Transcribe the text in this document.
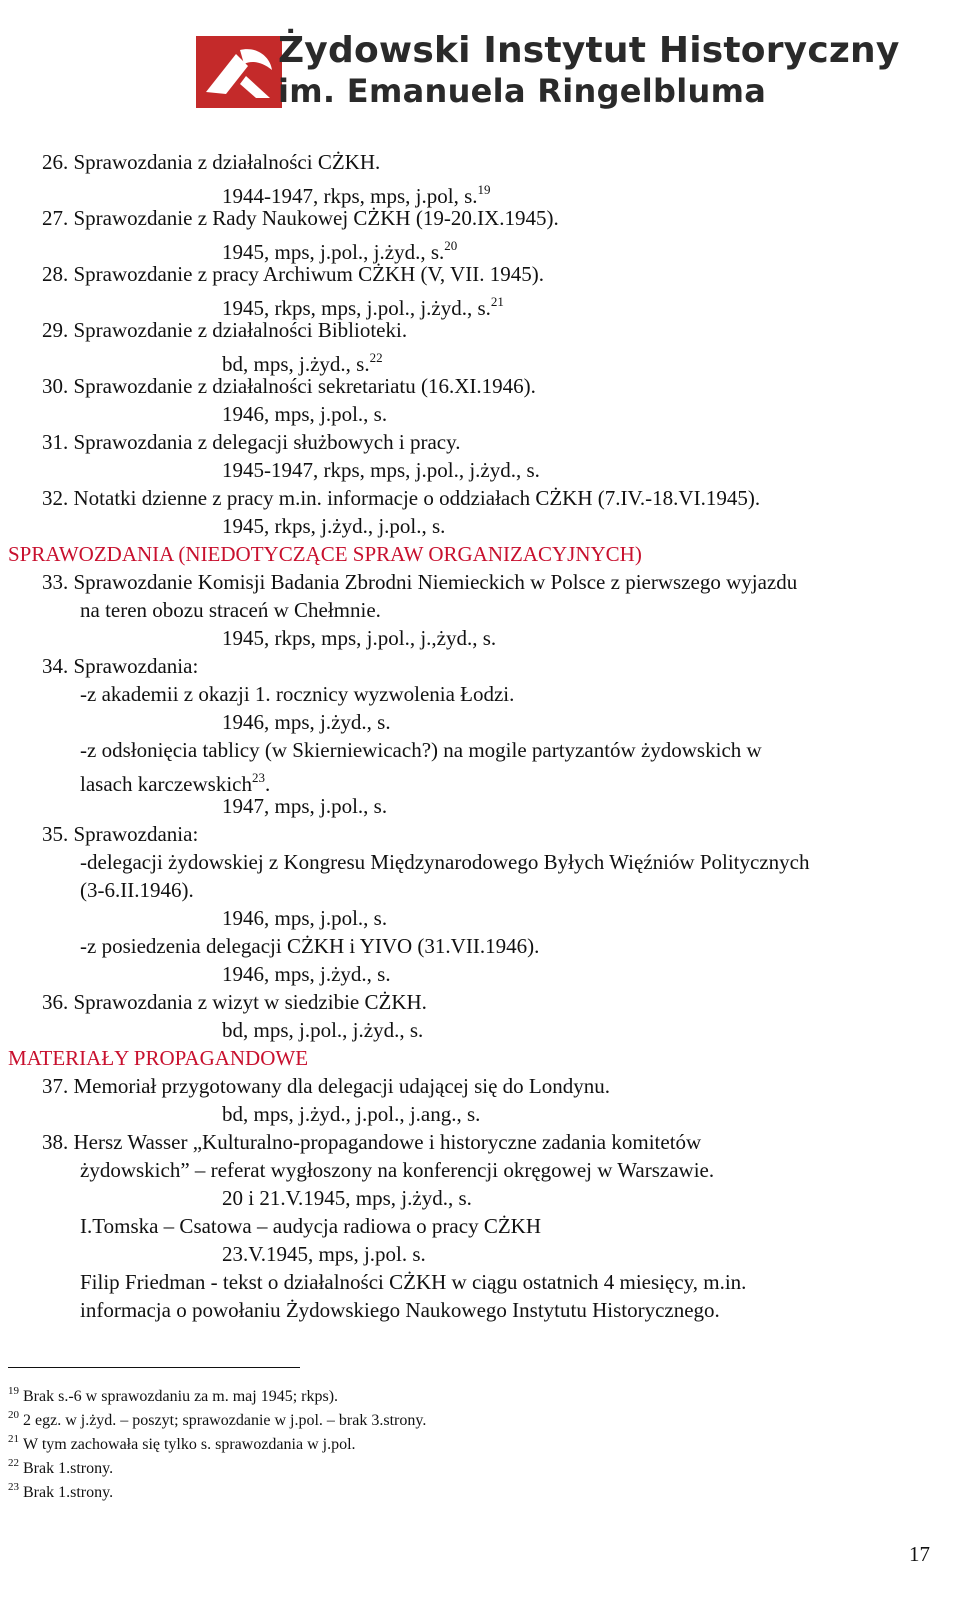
Żydowski Instytut Historyczny
im. Emanuela Ringelbluma
26. Sprawozdania z działalności CŻKH.
1944-1947, rkps, mps, j.pol, s.$^{19}$
27. Sprawozdanie z Rady Naukowej CŻKH (19-20.IX.1945).
1945, mps, j.pol., j.żyd., s.$^{20}$
28. Sprawozdanie z pracy Archiwum CŻKH (V, VII. 1945).
1945, rkps, mps, j.pol., j.żyd., s.$^{21}$
29. Sprawozdanie z działalności Biblioteki.
bd, mps, j.żyd., s.$^{22}$
30. Sprawozdanie z działalności sekretariatu (16.XI.1946).
1946, mps, j.pol., s.
31. Sprawozdania z delegacji służbowych i pracy.
1945-1947, rkps, mps, j.pol., j.żyd., s.
32. Notatki dzienne z pracy m.in. informacje o oddziałach CŻKH (7.IV.-18.VI.1945).
1945, rkps, j.żyd., j.pol., s.
SPRAWOZDANIA (NIEDOTYCZĄCE SPRAW ORGANIZACYJNYCH)
33. Sprawozdanie Komisji Badania Zbrodni Niemieckich w Polsce z pierwszego wyjazdu
na teren obozu straceń w Chełmnie.
1945, rkps, mps, j.pol., j.,żyd., s.
34. Sprawozdania:
-z akademii z okazji 1. rocznicy wyzwolenia Łodzi.
1946, mps, j.żyd., s.
-z odsłonięcia tablicy (w Skierniewicach?) na mogile partyzantów żydowskich w
lasach karczewskich$^{23}$.
1947, mps, j.pol., s.
35. Sprawozdania:
-delegacji żydowskiej z Kongresu Międzynarodowego Byłych Więźniów Politycznych
(3-6.II.1946).
1946, mps, j.pol., s.
-z posiedzenia delegacji CŻKH i YIVO (31.VII.1946).
1946, mps, j.żyd., s.
36. Sprawozdania z wizyt w siedzibie CŻKH.
bd, mps, j.pol., j.żyd., s.
MATERIAŁY PROPAGANDOWE
37. Memoriał przygotowany dla delegacji udającej się do Londynu.
bd, mps, j.żyd., j.pol., j.ang., s.
38. Hersz Wasser „Kulturalno-propagandowe i historyczne zadania komitetów
żydowskich” – referat wygłoszony na konferencji okręgowej w Warszawie.
20 i 21.V.1945, mps, j.żyd., s.
I.Tomska – Csatowa – audycja radiowa o pracy CŻKH
23.V.1945, mps, j.pol. s.
Filip Friedman - tekst o działalności CŻKH w ciągu ostatnich 4 miesięcy, m.in.
informacja o powołaniu Żydowskiego Naukowego Instytutu Historycznego.
$^{19}$ Brak s.-6 w sprawozdaniu za m. maj 1945; rkps).
$^{20}$ 2 egz. w j.żyd. – poszyt; sprawozdanie w j.pol. – brak 3.strony.
$^{21}$ W tym zachowała się tylko s. sprawozdania w j.pol.
$^{22}$ Brak 1.strony.
$^{23}$ Brak 1.strony.
17
